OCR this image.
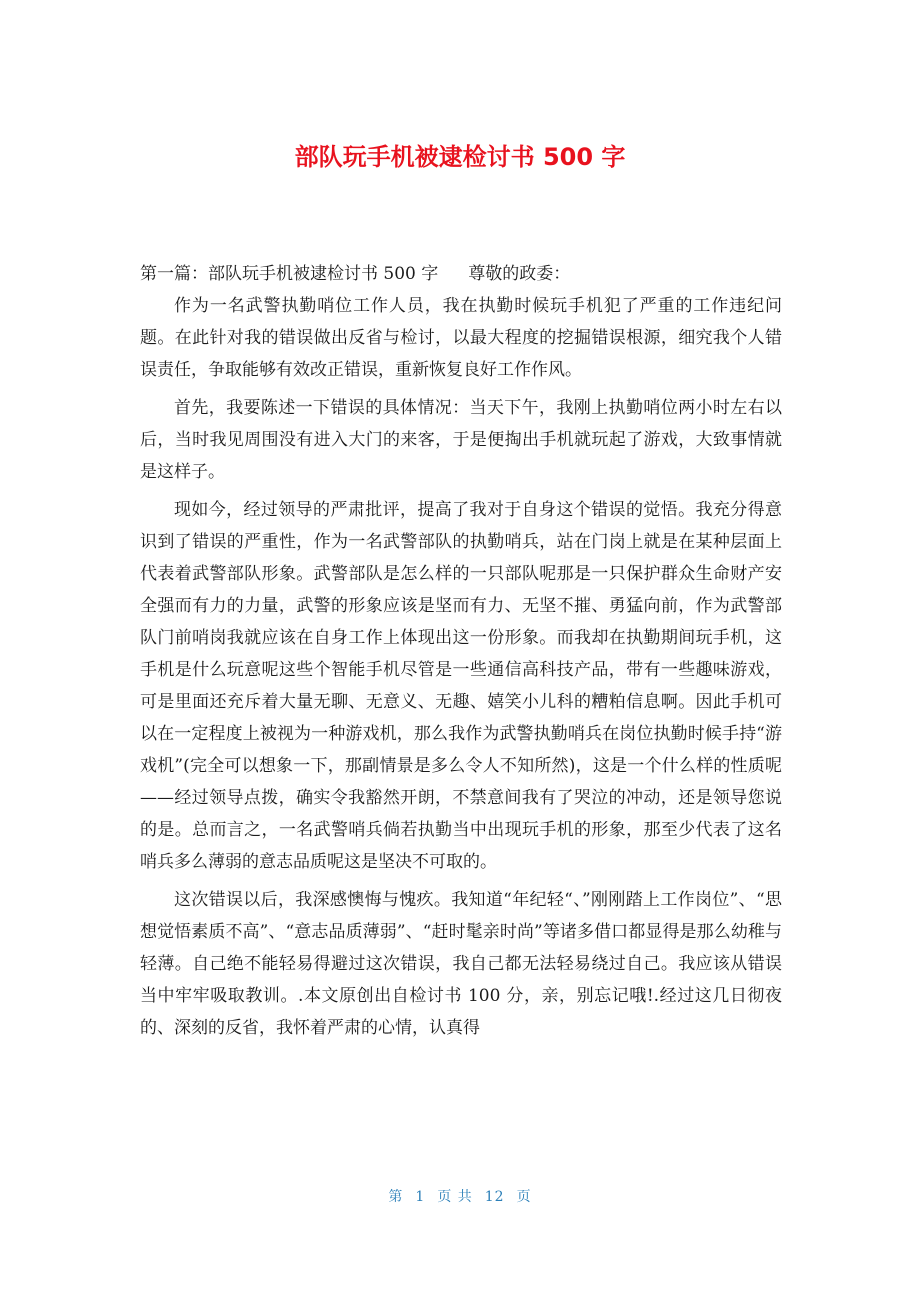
部队玩手机被逮检讨书 500 字

第一篇：部队玩手机被逮检讨书 500 字 尊敬的政委：

作为一名武警执勤哨位工作人员，我在执勤时候玩手机犯了严重的工作违纪问题。在此针对我的错误做出反省与检讨，以最大程度的挖掘错误根源，细究我个人错误责任，争取能够有效改正错误，重新恢复良好工作作风。

首先，我要陈述一下错误的具体情况：当天下午，我刚上执勤哨位两小时左右以后，当时我见周围没有进入大门的来客，于是便掏出手机就玩起了游戏，大致事情就是这样子。

现如今，经过领导的严肃批评，提高了我对于自身这个错误的觉悟。我充分得意识到了错误的严重性，作为一名武警部队的执勤哨兵，站在门岗上就是在某种层面上代表着武警部队形象。武警部队是怎么样的一只部队呢那是一只保护群众生命财产安全强而有力的力量，武警的形象应该是坚而有力、无坚不摧、勇猛向前，作为武警部队门前哨岗我就应该在自身工作上体现出这一份形象。而我却在执勤期间玩手机，这手机是什么玩意呢这些个智能手机尽管是一些通信高科技产品，带有一些趣味游戏，可是里面还充斥着大量无聊、无意义、无趣、嬉笑小儿科的糟粕信息啊。因此手机可以在一定程度上被视为一种游戏机，那么我作为武警执勤哨兵在岗位执勤时候手持“游戏机”(完全可以想象一下，那副情景是多么令人不知所然)，这是一个什么样的性质呢——经过领导点拨，确实令我豁然开朗，不禁意间我有了哭泣的冲动，还是领导您说的是。总而言之，一名武警哨兵倘若执勤当中出现玩手机的形象，那至少代表了这名哨兵多么薄弱的意志品质呢这是坚决不可取的。

这次错误以后，我深感懊悔与愧疚。我知道“年纪轻“、”刚刚踏上工作岗位”、“思想觉悟素质不高”、“意志品质薄弱”、“赶时髦亲时尚”等诸多借口都显得是那么幼稚与轻薄。自己绝不能轻易得避过这次错误，我自己都无法轻易绕过自己。我应该从错误当中牢牢吸取教训。.本文原创出自检讨书 100 分，亲，别忘记哦!.经过这几日彻夜的、深刻的反省，我怀着严肃的心情，认真得

第 1 页 共 12 页
